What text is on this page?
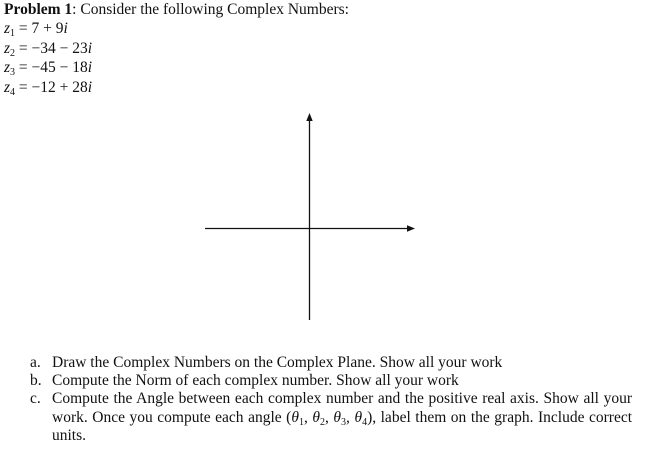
Problem 1: Consider the following Complex Numbers:
$z_1 = 7 + 9i$
$z_2 = -34 - 23i$
$z_3 = -45 - 18i$
$z_4 = -12 + 28i$
a. Draw the Complex Numbers on the Complex Plane. Show all your work
b. Compute the Norm of each complex number. Show all your work
c. Compute the Angle between each complex number and the positive real axis. Show all your work. Once you compute each angle ($\theta_1$, $\theta_2$, $\theta_3$, $\theta_4$), label them on the graph. Include correct units.
